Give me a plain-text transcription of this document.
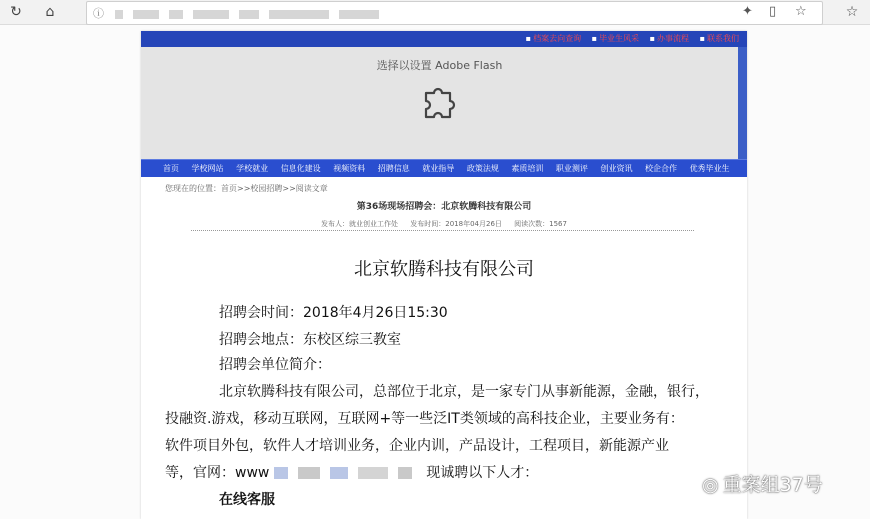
↻	⌂	ⓘ	✦ ▯ ☆	☆
▪ 档案去向查询 ▪ 毕业生风采 ▪ 办事流程 ▪ 联系我们
选择以设置 Adobe Flash
首页 学校网站 学校就业 信息化建设 视频资料 招聘信息 就业指导 政策法规 素质培训 职业测评 创业资讯 校企合作 优秀毕业生
您现在的位置：首页>>校园招聘>>阅读文章
第36场现场招聘会：北京软腾科技有限公司
发布人：就业创业工作处 发布时间：2018年04月26日 阅读次数：1567
北京软腾科技有限公司
招聘会时间：2018年4月26日15:30
招聘会地点：东校区综三教室
招聘会单位简介：
北京软腾科技有限公司，总部位于北京，是一家专门从事新能源，金融，银行，
投融资.游戏，移动互联网，互联网+等一些泛IT类领域的高科技企业，主要业务有：
软件项目外包，软件人才培训业务，企业内训，产品设计，工程项目，新能源产业
等，官网：www	现诚聘以下人才：
在线客服
◎ 重案组37号
